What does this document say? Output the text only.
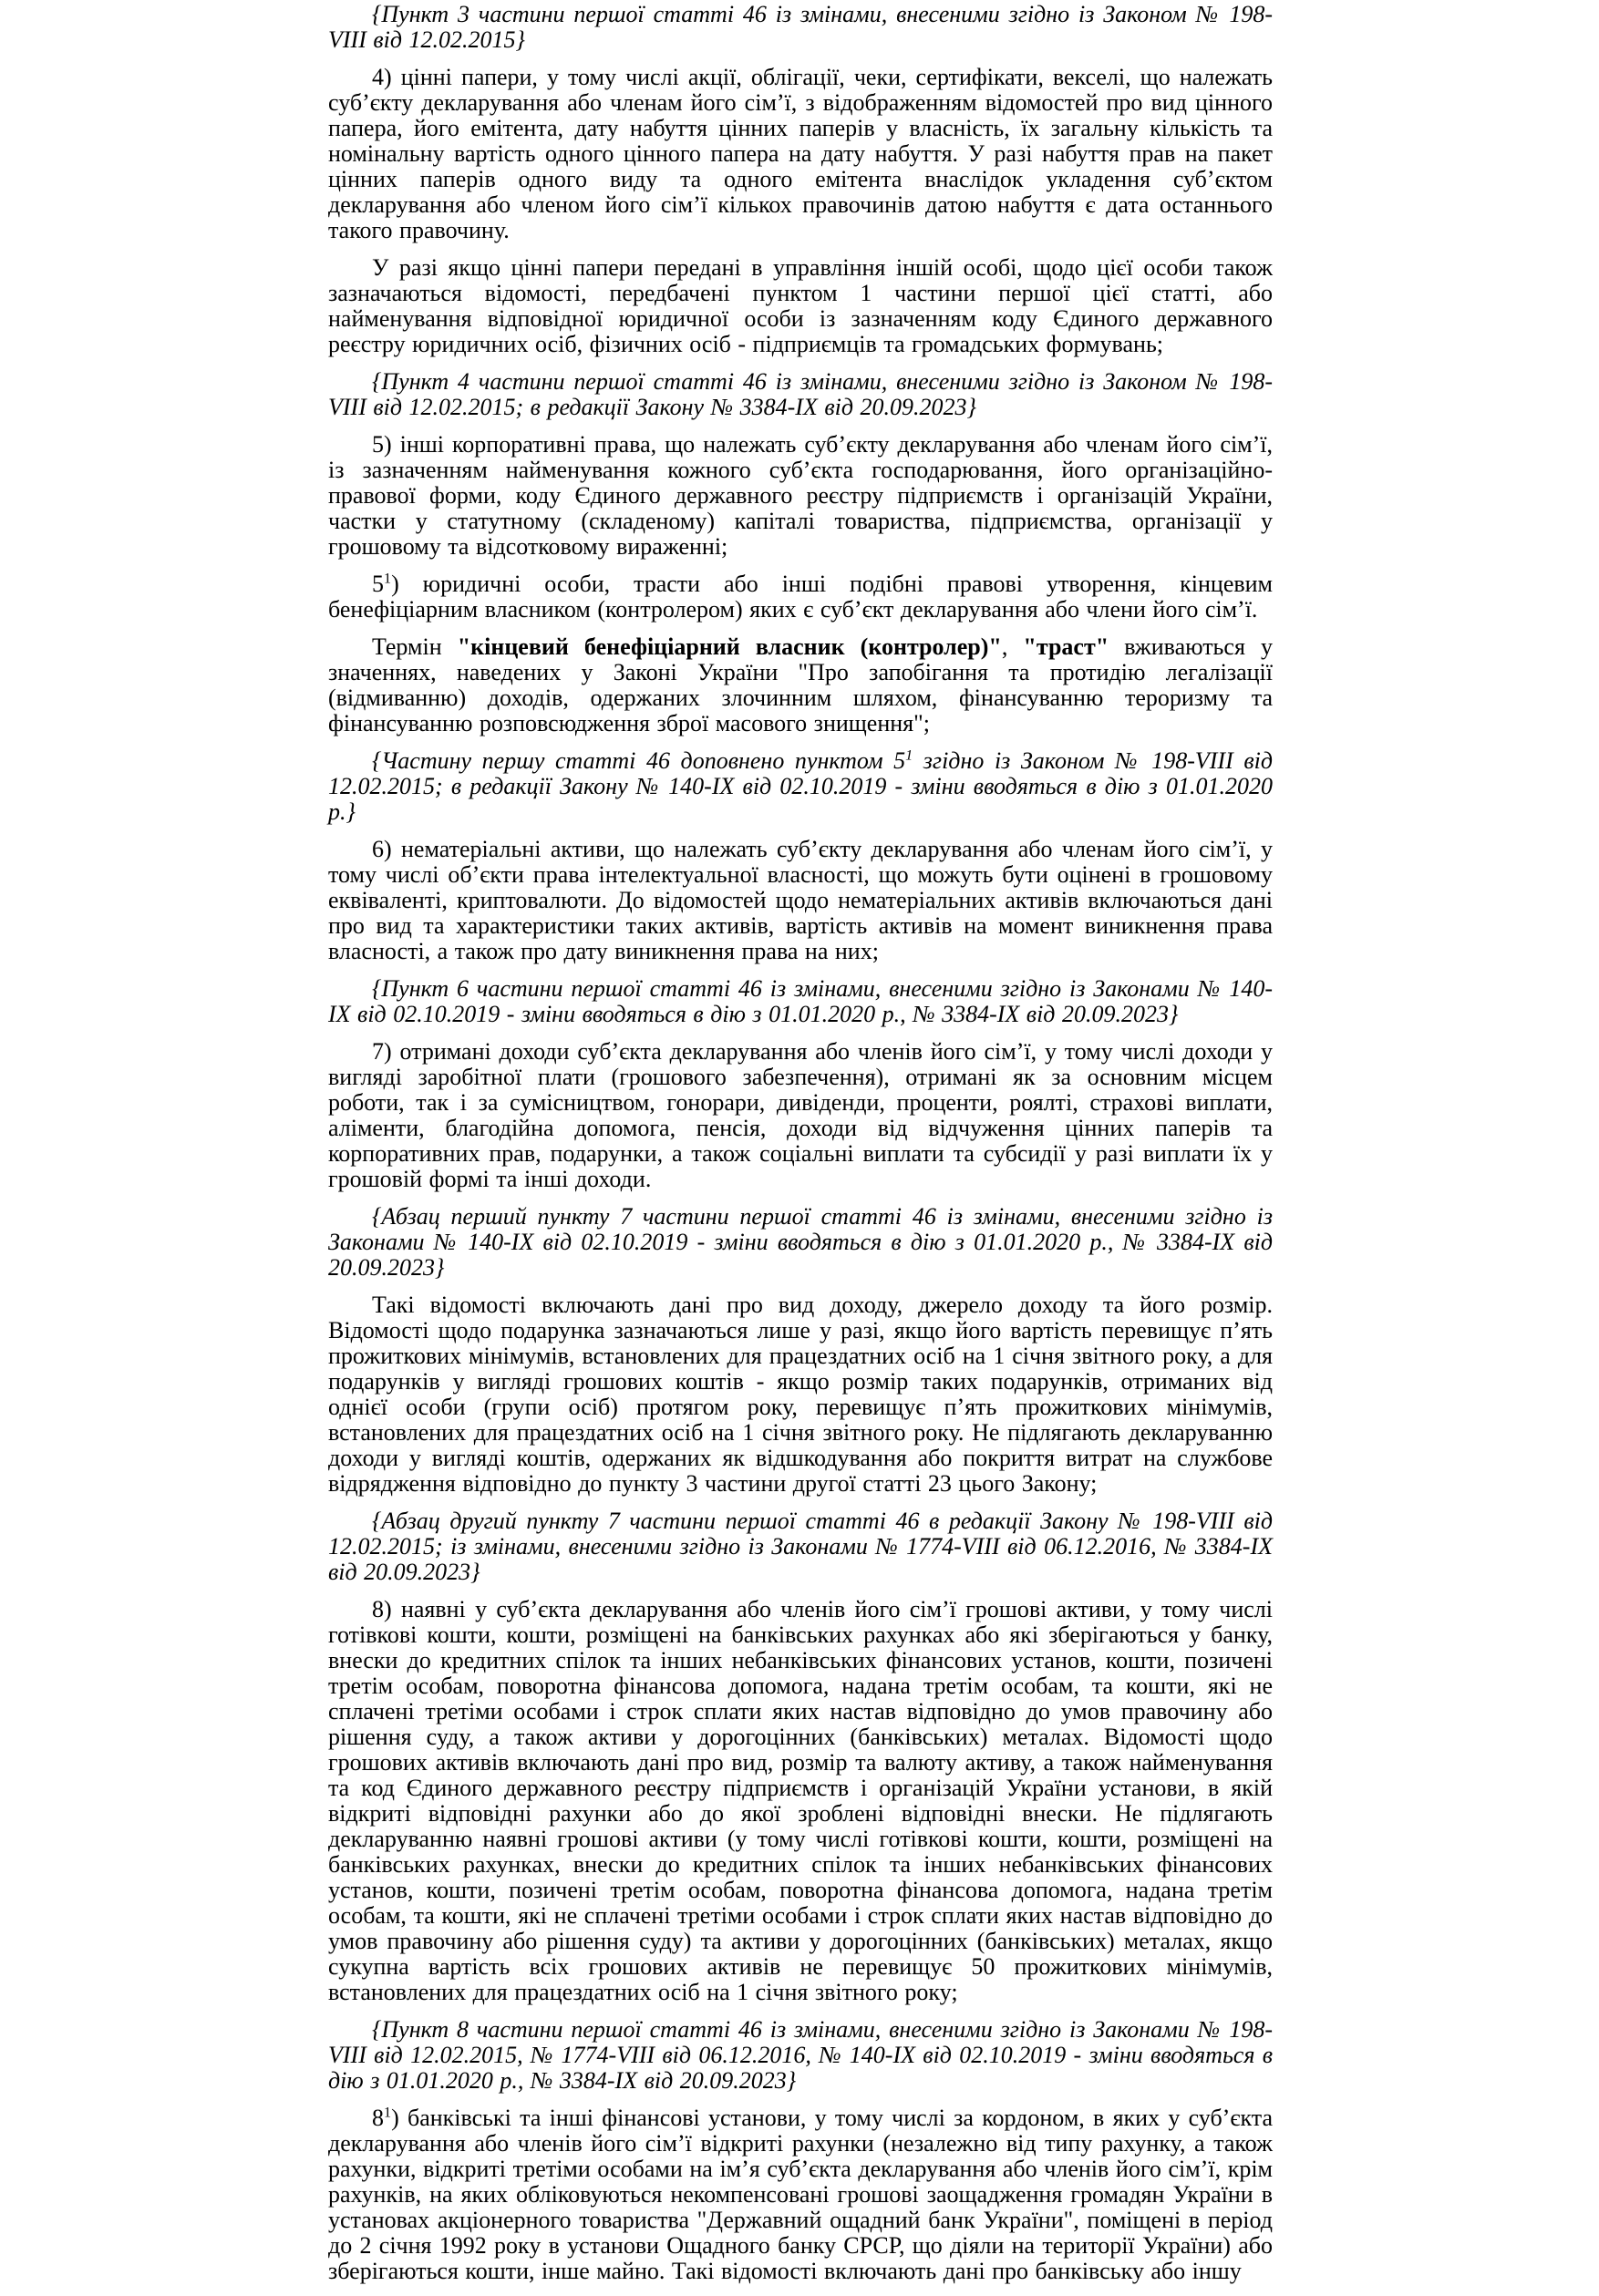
{Пункт 3 частини першої статті 46 із змінами, внесеними згідно із Законом № 198-VIII від 12.02.2015}

4) цінні папери, у тому числі акції, облігації, чеки, сертифікати, векселі, що належать суб’єкту декларування або членам його сім’ї, з відображенням відомостей про вид цінного папера, його емітента, дату набуття цінних паперів у власність, їх загальну кількість та номінальну вартість одного цінного папера на дату набуття. У разі набуття прав на пакет цінних паперів одного виду та одного емітента внаслідок укладення суб’єктом декларування або членом його сім’ї кількох правочинів датою набуття є дата останнього такого правочину.

У разі якщо цінні папери передані в управління іншій особі, щодо цієї особи також зазначаються відомості, передбачені пунктом 1 частини першої цієї статті, або найменування відповідної юридичної особи із зазначенням коду Єдиного державного реєстру юридичних осіб, фізичних осіб - підприємців та громадських формувань;

{Пункт 4 частини першої статті 46 із змінами, внесеними згідно із Законом № 198-VIII від 12.02.2015; в редакції Закону № 3384-IX від 20.09.2023}

5) інші корпоративні права, що належать суб’єкту декларування або членам його сім’ї, із зазначенням найменування кожного суб’єкта господарювання, його організаційно-правової форми, коду Єдиного державного реєстру підприємств і організацій України, частки у статутному (складеному) капіталі товариства, підприємства, організації у грошовому та відсотковому вираженні;

$5^1$) юридичні особи, трасти або інші подібні правові утворення, кінцевим бенефіціарним власником (контролером) яких є суб’єкт декларування або члени його сім’ї.

Термін "кінцевий бенефіціарний власник (контролер)", "траст" вживаються у значеннях, наведених у Законі України "Про запобігання та протидію легалізації (відмиванню) доходів, одержаних злочинним шляхом, фінансуванню тероризму та фінансуванню розповсюдження зброї масового знищення";

{Частину першу статті 46 доповнено пунктом $5^1$ згідно із Законом № 198-VIII від 12.02.2015; в редакції Закону № 140-IX від 02.10.2019 - зміни вводяться в дію з 01.01.2020 р.}

6) нематеріальні активи, що належать суб’єкту декларування або членам його сім’ї, у тому числі об’єкти права інтелектуальної власності, що можуть бути оцінені в грошовому еквіваленті, криптовалюти. До відомостей щодо нематеріальних активів включаються дані про вид та характеристики таких активів, вартість активів на момент виникнення права власності, а також про дату виникнення права на них;

{Пункт 6 частини першої статті 46 із змінами, внесеними згідно із Законами № 140-IX від 02.10.2019 - зміни вводяться в дію з 01.01.2020 р., № 3384-IX від 20.09.2023}

7) отримані доходи суб’єкта декларування або членів його сім’ї, у тому числі доходи у вигляді заробітної плати (грошового забезпечення), отримані як за основним місцем роботи, так і за сумісництвом, гонорари, дивіденди, проценти, роялті, страхові виплати, аліменти, благодійна допомога, пенсія, доходи від відчуження цінних паперів та корпоративних прав, подарунки, а також соціальні виплати та субсидії у разі виплати їх у грошовій формі та інші доходи.

{Абзац перший пункту 7 частини першої статті 46 із змінами, внесеними згідно із Законами № 140-IX від 02.10.2019 - зміни вводяться в дію з 01.01.2020 р., № 3384-IX від 20.09.2023}

Такі відомості включають дані про вид доходу, джерело доходу та його розмір. Відомості щодо подарунка зазначаються лише у разі, якщо його вартість перевищує п’ять прожиткових мінімумів, встановлених для працездатних осіб на 1 січня звітного року, а для подарунків у вигляді грошових коштів - якщо розмір таких подарунків, отриманих від однієї особи (групи осіб) протягом року, перевищує п’ять прожиткових мінімумів, встановлених для працездатних осіб на 1 січня звітного року. Не підлягають декларуванню доходи у вигляді коштів, одержаних як відшкодування або покриття витрат на службове відрядження відповідно до пункту 3 частини другої статті 23 цього Закону;

{Абзац другий пункту 7 частини першої статті 46 в редакції Закону № 198-VIII від 12.02.2015; із змінами, внесеними згідно із Законами № 1774-VIII від 06.12.2016, № 3384-IX від 20.09.2023}

8) наявні у суб’єкта декларування або членів його сім’ї грошові активи, у тому числі готівкові кошти, кошти, розміщені на банківських рахунках або які зберігаються у банку, внески до кредитних спілок та інших небанківських фінансових установ, кошти, позичені третім особам, поворотна фінансова допомога, надана третім особам, та кошти, які не сплачені третіми особами і строк сплати яких настав відповідно до умов правочину або рішення суду, а також активи у дорогоцінних (банківських) металах. Відомості щодо грошових активів включають дані про вид, розмір та валюту активу, а також найменування та код Єдиного державного реєстру підприємств і організацій України установи, в якій відкриті відповідні рахунки або до якої зроблені відповідні внески. Не підлягають декларуванню наявні грошові активи (у тому числі готівкові кошти, кошти, розміщені на банківських рахунках, внески до кредитних спілок та інших небанківських фінансових установ, кошти, позичені третім особам, поворотна фінансова допомога, надана третім особам, та кошти, які не сплачені третіми особами і строк сплати яких настав відповідно до умов правочину або рішення суду) та активи у дорогоцінних (банківських) металах, якщо сукупна вартість всіх грошових активів не перевищує 50 прожиткових мінімумів, встановлених для працездатних осіб на 1 січня звітного року;

{Пункт 8 частини першої статті 46 із змінами, внесеними згідно із Законами № 198-VIII від 12.02.2015, № 1774-VIII від 06.12.2016, № 140-IX від 02.10.2019 - зміни вводяться в дію з 01.01.2020 р., № 3384-IX від 20.09.2023}

$8^1$) банківські та інші фінансові установи, у тому числі за кордоном, в яких у суб’єкта декларування або членів його сім’ї відкриті рахунки (незалежно від типу рахунку, а також рахунки, відкриті третіми особами на ім’я суб’єкта декларування або членів його сім’ї, крім рахунків, на яких обліковуються некомпенсовані грошові заощадження громадян України в установах акціонерного товариства "Державний ощадний банк України", поміщені в період до 2 січня 1992 року в установи Ощадного банку СРСР, що діяли на території України) або зберігаються кошти, інше майно. Такі відомості включають дані про банківську або іншу
